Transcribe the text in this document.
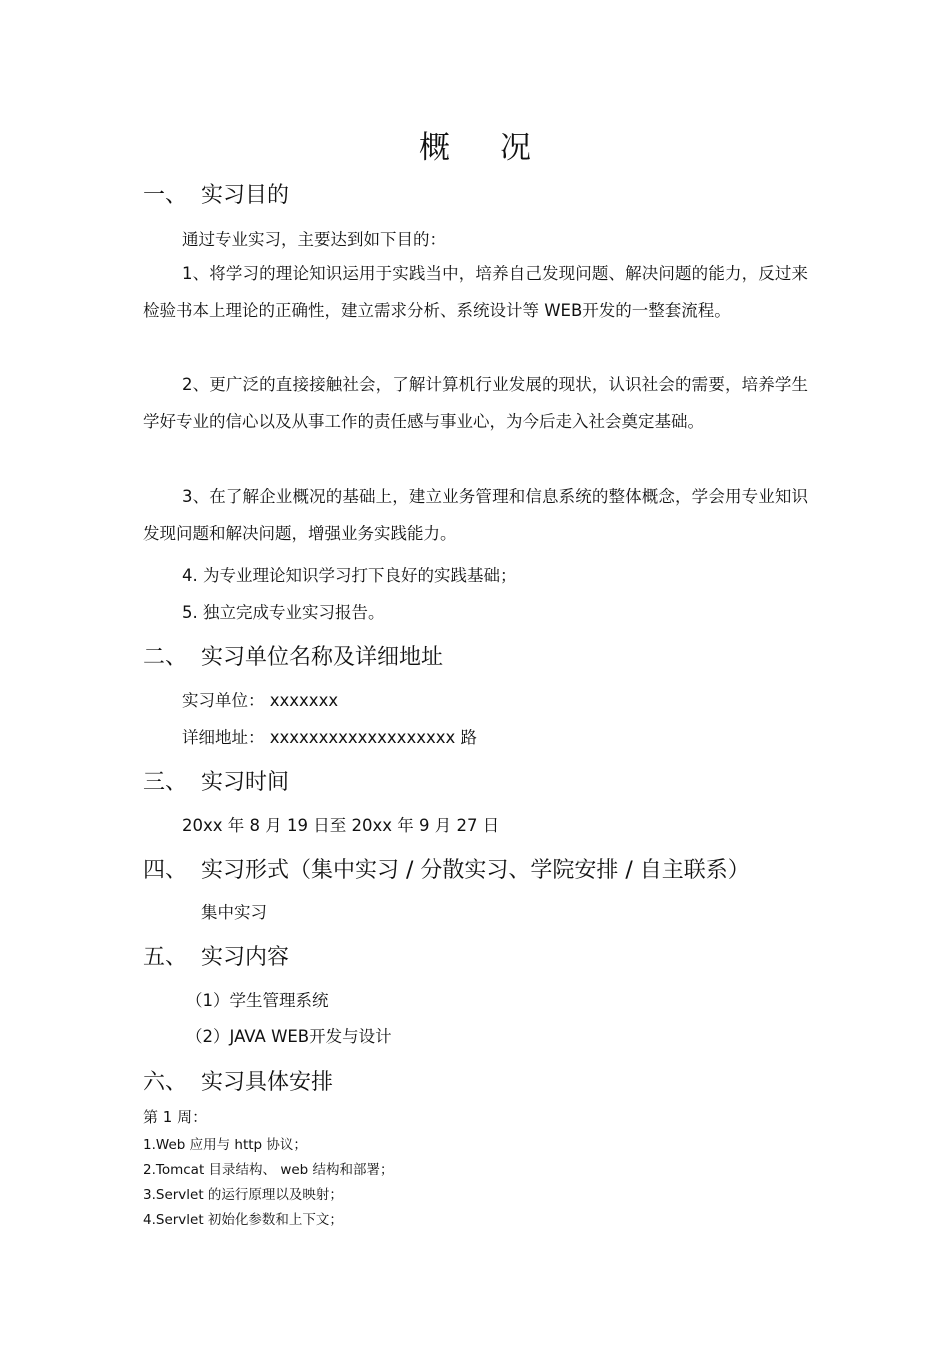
概况
一、 实习目的

通过专业实习，主要达到如下目的：

1、将学习的理论知识运用于实践当中，培养自己发现问题、解决问题的能力，反过来检验书本上理论的正确性，建立需求分析、系统设计等 WEB开发的一整套流程。

2、更广泛的直接接触社会，了解计算机行业发展的现状，认识社会的需要，培养学生学好专业的信心以及从事工作的责任感与事业心，为今后走入社会奠定基础。

3、在了解企业概况的基础上，建立业务管理和信息系统的整体概念，学会用专业知识发现问题和解决问题，增强业务实践能力。

4. 为专业理论知识学习打下良好的实践基础；

5. 独立完成专业实习报告。

二、 实习单位名称及详细地址

实习单位： xxxxxxx

详细地址： xxxxxxxxxxxxxxxxxxx 路

三、 实习时间

20xx 年 8 月 19 日至 20xx 年 9 月 27 日

四、 实习形式（集中实习 / 分散实习、学院安排 / 自主联系）

集中实习

五、 实习内容

（1）学生管理系统

（2）JAVA WEB开发与设计

六、 实习具体安排

第 1 周：

1.Web 应用与 http 协议；

2.Tomcat 目录结构、 web 结构和部署；

3.Servlet 的运行原理以及映射；

4.Servlet 初始化参数和上下文；
